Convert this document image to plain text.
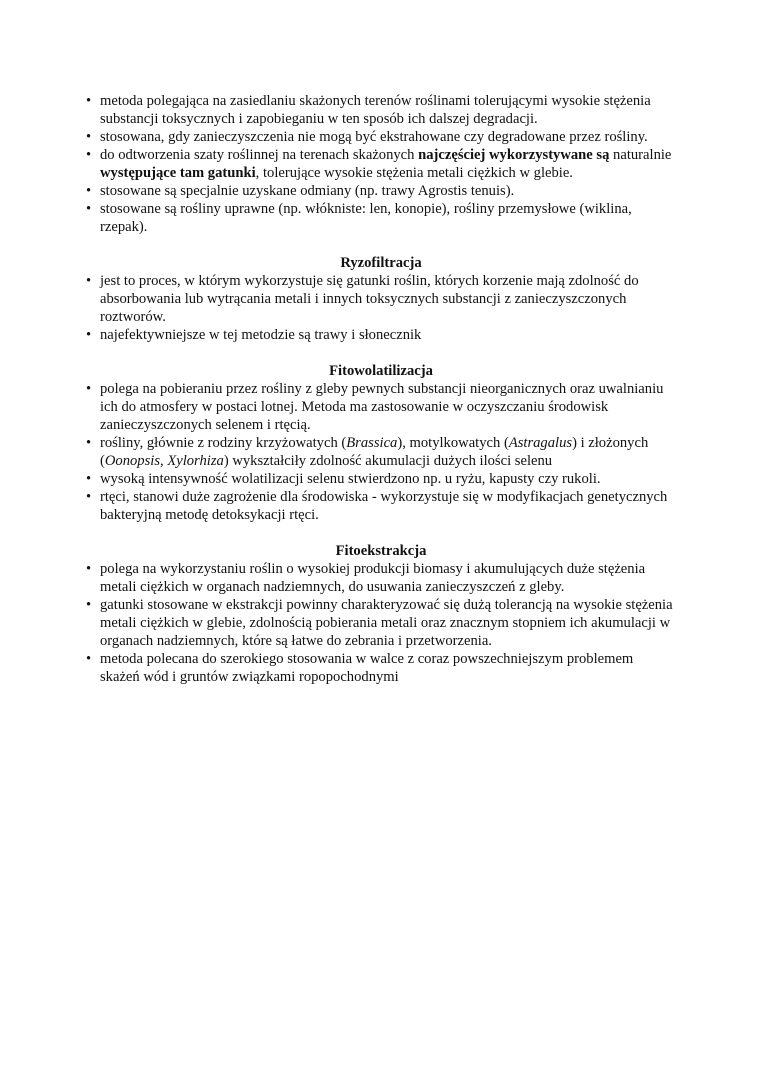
• metoda polegająca na zasiedlaniu skażonych terenów roślinami tolerującymi wysokie stężenia substancji toksycznych i zapobieganiu w ten sposób ich dalszej degradacji.
• stosowana, gdy zanieczyszczenia nie mogą być ekstrahowane czy degradowane przez rośliny.
• do odtworzenia szaty roślinnej na terenach skażonych najczęściej wykorzystywane są naturalnie występujące tam gatunki, tolerujące wysokie stężenia metali ciężkich w glebie.
• stosowane są specjalnie uzyskane odmiany (np. trawy Agrostis tenuis).
• stosowane są rośliny uprawne (np. włókniste: len, konopie), rośliny przemysłowe (wiklina, rzepak).
Ryzofiltracja
• jest to proces, w którym wykorzystuje się gatunki roślin, których korzenie mają zdolność do absorbowania lub wytrącania metali i innych toksycznych substancji z zanieczyszczonych roztworów.
• najefektywniejsze w tej metodzie są trawy i słonecznik
Fitowolatilizacja
• polega na pobieraniu przez rośliny z gleby pewnych substancji nieorganicznych oraz uwalnianiu ich do atmosfery w postaci lotnej. Metoda ma zastosowanie w oczyszczaniu środowisk zanieczyszczonych selenem i rtęcią.
• rośliny, głównie z rodziny krzyżowatych (Brassica), motylkowatych (Astragalus) i złożonych (Oonopsis, Xylorhiza) wykształciły zdolność akumulacji dużych ilości selenu
• wysoką intensywność wolatilizacji selenu stwierdzono np. u ryżu, kapusty czy rukoli.
• rtęci, stanowi duże zagrożenie dla środowiska - wykorzystuje się w modyfikacjach genetycznych bakteryjną metodę detoksykacji rtęci.
Fitoekstrakcja
• polega na wykorzystaniu roślin o wysokiej produkcji biomasy i akumulujących duże stężenia metali ciężkich w organach nadziemnych, do usuwania zanieczyszczeń z gleby.
• gatunki stosowane w ekstrakcji powinny charakteryzować się dużą tolerancją na wysokie stężenia metali ciężkich w glebie, zdolnością pobierania metali oraz znacznym stopniem ich akumulacji w organach nadziemnych, które są łatwe do zebrania i przetworzenia.
• metoda polecana do szerokiego stosowania w walce z coraz powszechniejszym problemem skażeń wód i gruntów związkami ropopochodnymi
